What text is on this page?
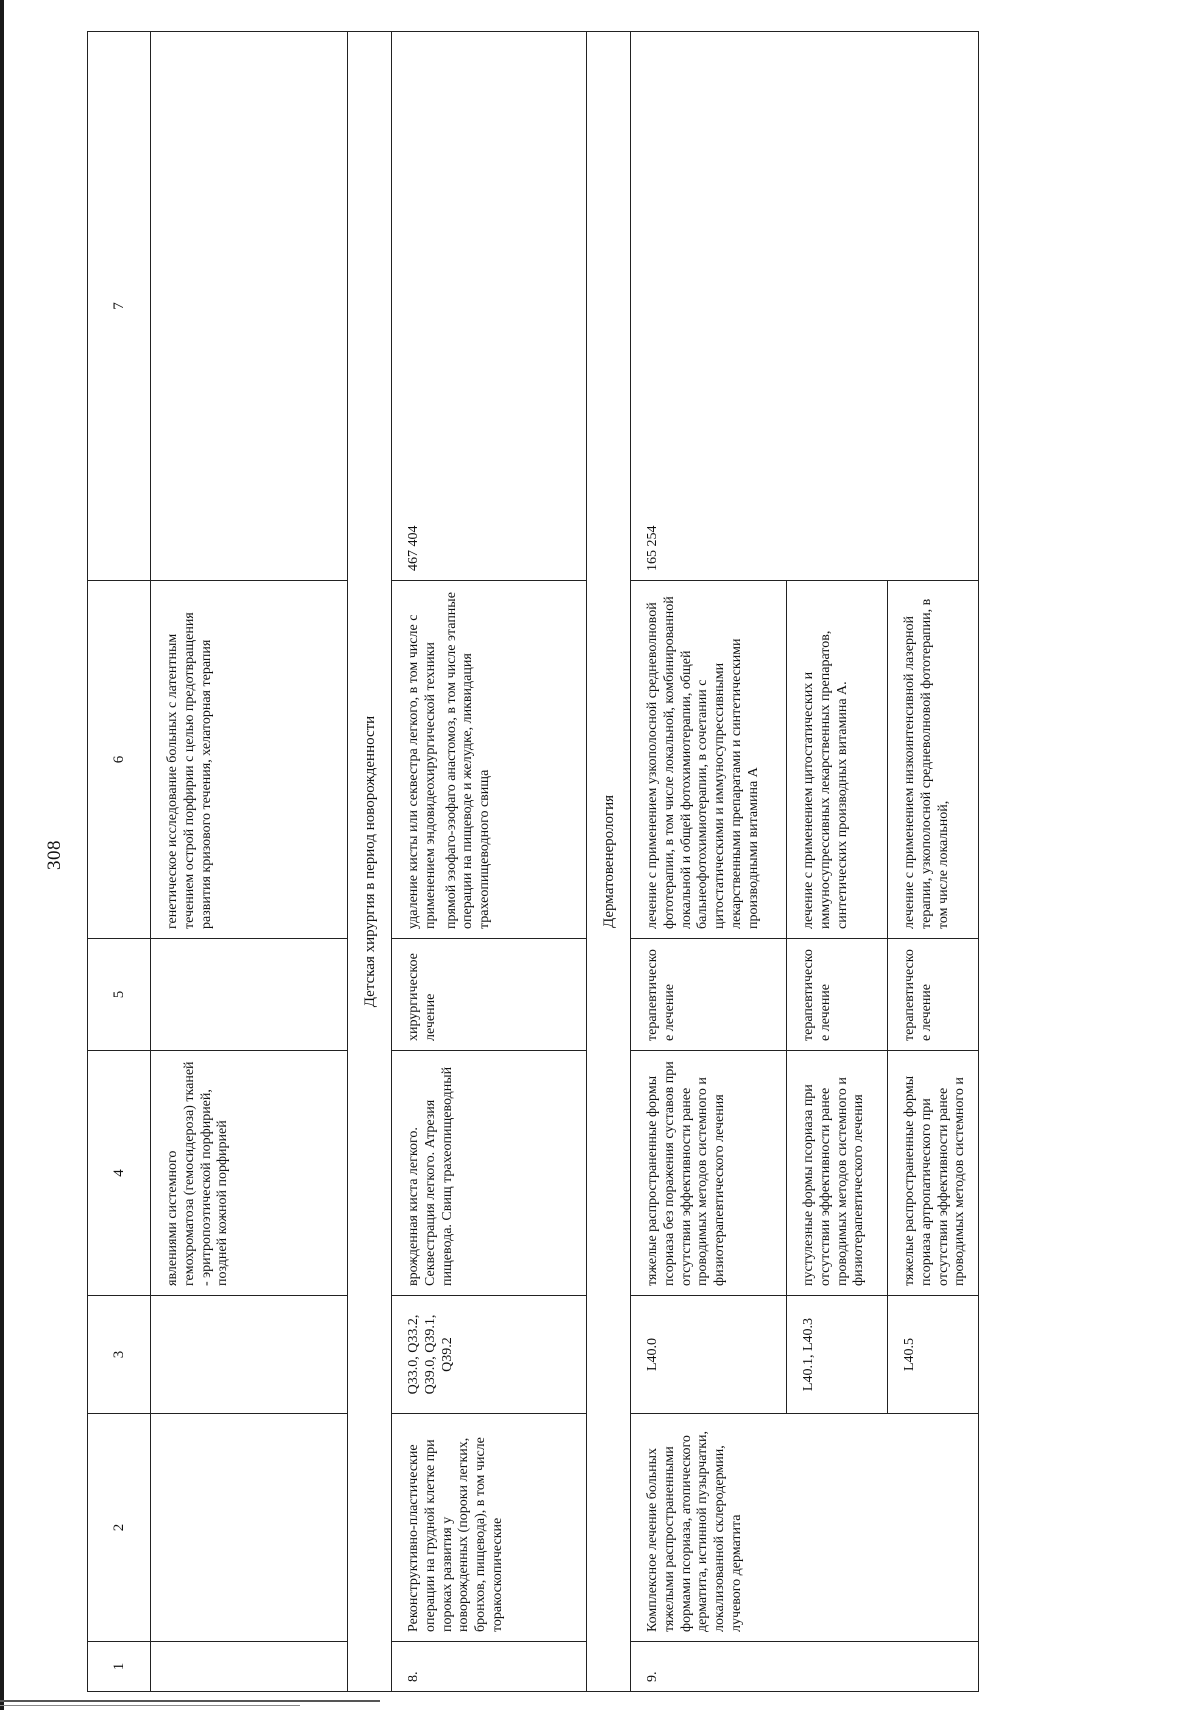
308
1	2	3	4	5	6	7
			явлениями системного гемохроматоза (гемосидероза) тканей - эритропоэтической порфирией, поздней кожной порфирией		генетическое исследование больных с латентным течением острой порфирии с целью предотвращения развития кризового течения, хелаторная терапия	
Детская хирургия в период новорожденности						
8.	Реконструктивно-пластические операции на грудной клетке при пороках развития у новорожденных (пороки легких, бронхов, пищевода), в том числе торакоскопические	Q33.0, Q33.2, Q39.0, Q39.1, Q39.2	врожденная киста легкого. Секвестрация легкого. Атрезия пищевода. Свищ трахеопищеводный	хирургическое лечение	удаление кисты или секвестра легкого, в том числе с применением эндовидеохирургической техники прямой эзофаго-эзофаго анастомоз, в том числе этапные операции на пищеводе и желудке, ликвидация трахеопищеводного свища	467 404
Дерматовенерология						
9.	Комплексное лечение больных тяжелыми распространенными формами псориаза, атопического дерматита, истинной пузырчатки, локализованной склеродермии, лучевого дерматита	L40.0	тяжелые распространенные формы псориаза без поражения суставов при отсутствии эффективности ранее проводимых методов системного и физиотерапевтического лечения	терапевтическое лечение	лечение с применением узкополосной средневолновой фототерапии, в том числе локальной, комбинированной локальной и общей фотохимиотерапии, общей бальнеофотохимиотерапии, в сочетании с цитостатическими и иммуносупрессивными лекарственными препаратами и синтетическими производными витамина А	165 254
		L40.1, L40.3	пустулезные формы псориаза при отсутствии эффективности ранее проводимых методов системного и физиотерапевтического лечения	терапевтическое лечение	лечение с применением цитостатических и иммуносупрессивных лекарственных препаратов, синтетических производных витамина А.	
		L40.5	тяжелые распространенные формы псориаза артропатического при отсутствии эффективности ранее проводимых методов системного и	терапевтическое лечение	лечение с применением низкоинтенсивной лазерной терапии, узкополосной средневолновой фототерапии, в том числе локальной,	
